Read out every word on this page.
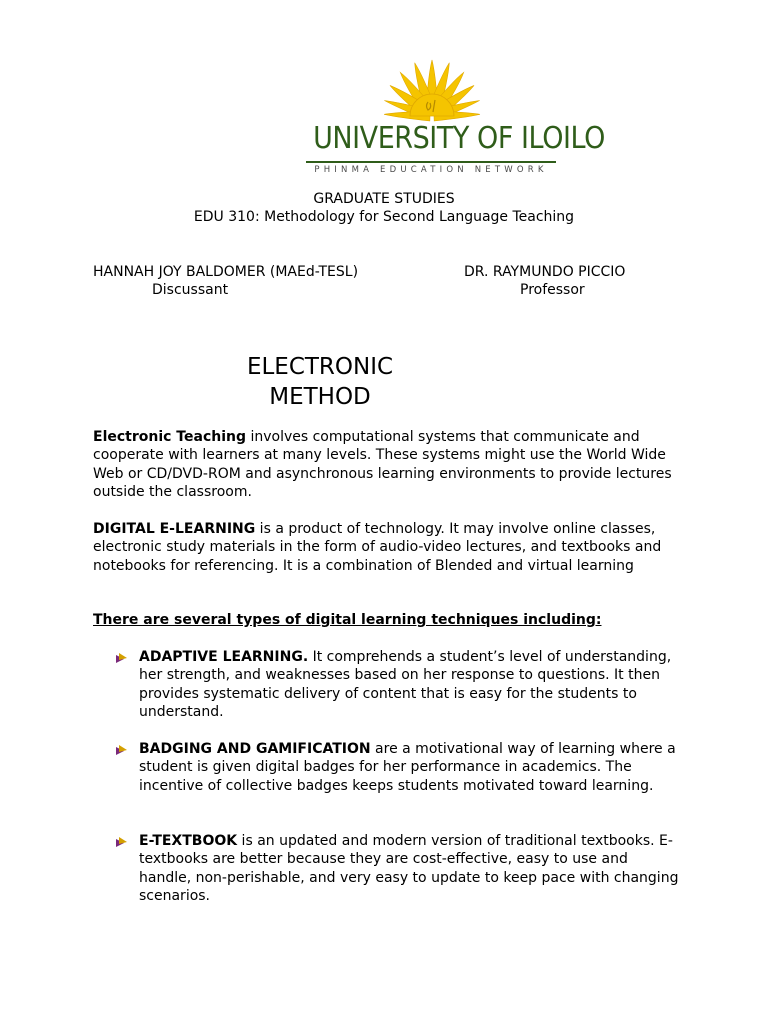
UNIVERSITY OF ILOILO
PHINMA EDUCATION NETWORK
GRADUATE STUDIES
EDU 310: Methodology for Second Language Teaching
HANNAH JOY BALDOMER (MAEd-TESL)
Discussant
DR. RAYMUNDO PICCIO
Professor
ELECTRONIC
METHOD
Electronic Teaching involves computational systems that communicate and cooperate with learners at many levels. These systems might use the World Wide Web or CD/DVD-ROM and asynchronous learning environments to provide lectures outside the classroom.
DIGITAL E-LEARNING is a product of technology. It may involve online classes, electronic study materials in the form of audio-video lectures, and textbooks and notebooks for referencing. It is a combination of Blended and virtual learning
There are several types of digital learning techniques including:
ADAPTIVE LEARNING. It comprehends a student’s level of understanding, her strength, and weaknesses based on her response to questions. It then provides systematic delivery of content that is easy for the students to understand.
BADGING AND GAMIFICATION are a motivational way of learning where a student is given digital badges for her performance in academics. The incentive of collective badges keeps students motivated toward learning.
E-TEXTBOOK is an updated and modern version of traditional textbooks. E-textbooks are better because they are cost-effective, easy to use and handle, non-perishable, and very easy to update to keep pace with changing scenarios.
